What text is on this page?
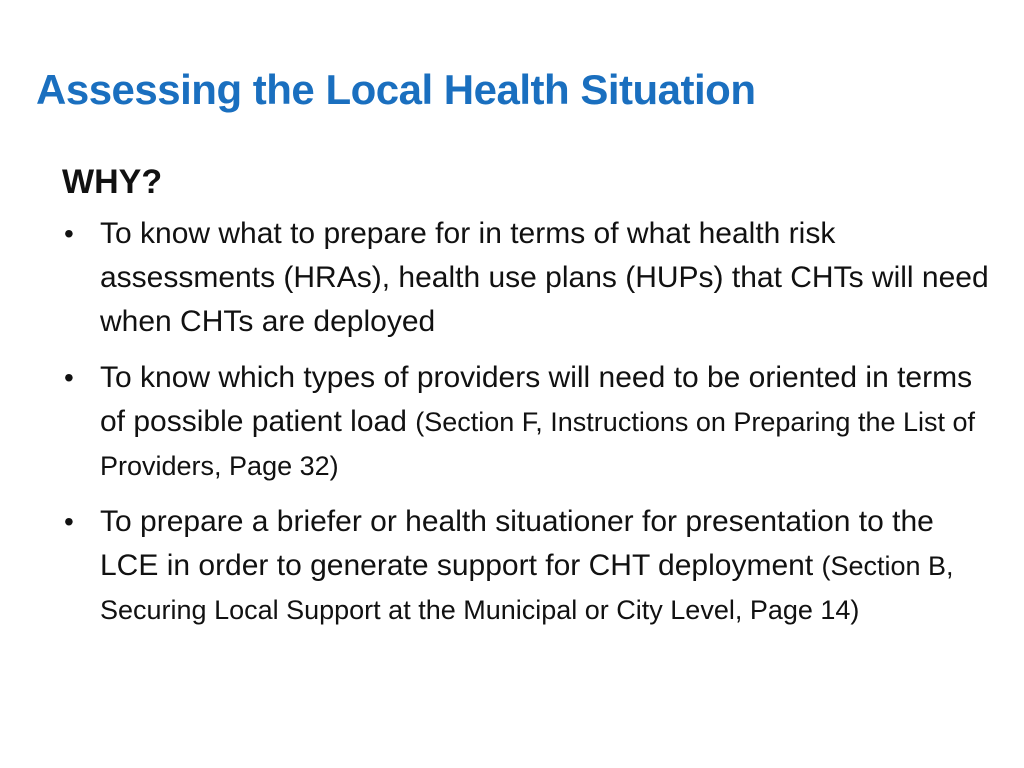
Assessing the Local Health Situation

WHY?

• To know what to prepare for in terms of what health risk assessments (HRAs), health use plans (HUPs) that CHTs will need when CHTs are deployed
• To know which types of providers will need to be oriented in terms of possible patient load (Section F, Instructions on Preparing the List of Providers, Page 32)
• To prepare a briefer or health situationer for presentation to the LCE in order to generate support for CHT deployment (Section B, Securing Local Support at the Municipal or City Level, Page 14)
